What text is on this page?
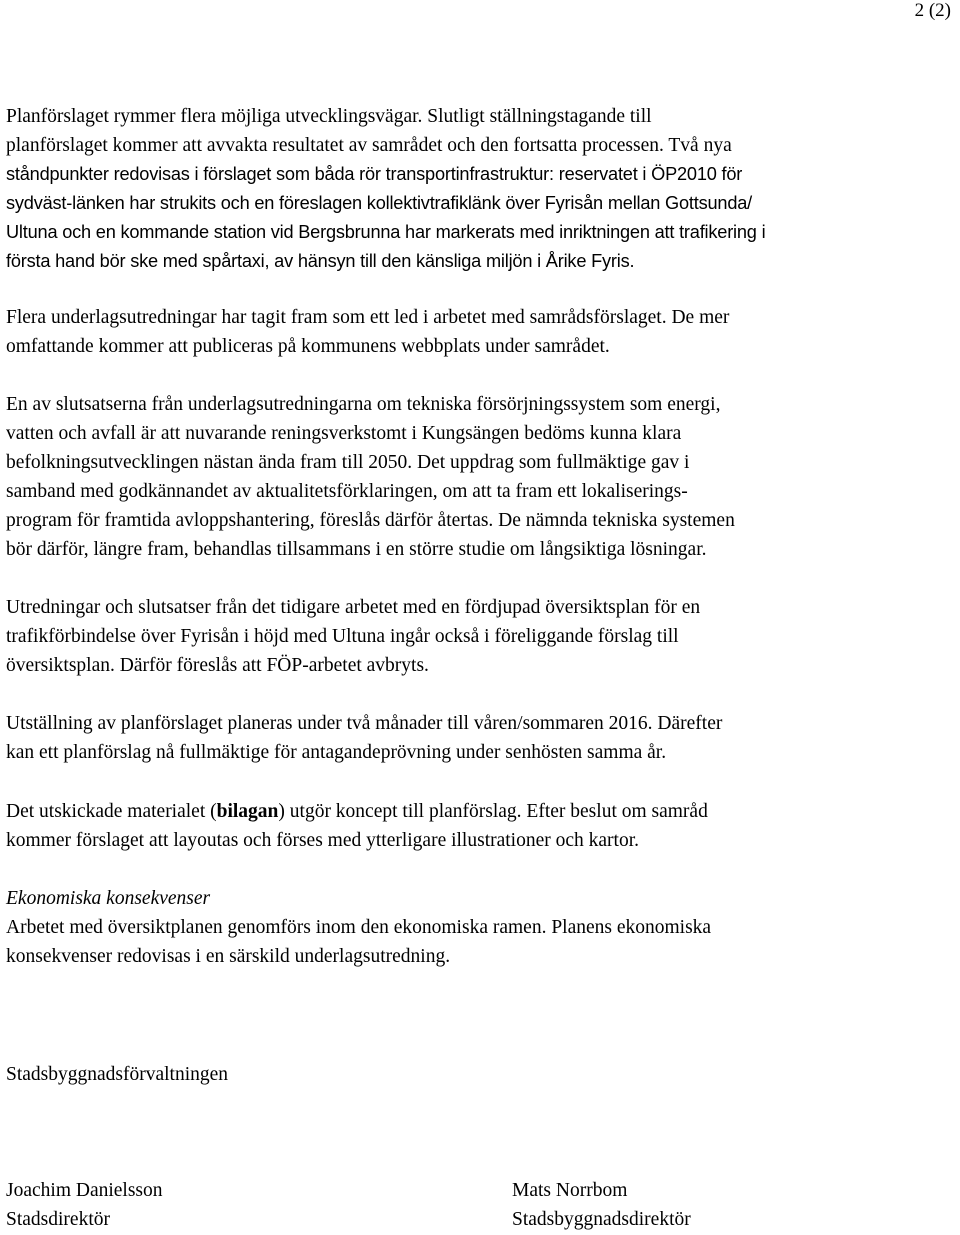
2 (2)
Planförslaget rymmer flera möjliga utvecklingsvägar. Slutligt ställningstagande till
planförslaget kommer att avvakta resultatet av samrådet och den fortsatta processen. Två nya
ståndpunkter redovisas i förslaget som båda rör transportinfrastruktur: reservatet i ÖP2010 för
sydväst-länken har strukits och en föreslagen kollektivtrafiklänk över Fyrisån mellan Gottsunda/
Ultuna och en kommande station vid Bergsbrunna har markerats med inriktningen att trafikering i
första hand bör ske med spårtaxi, av hänsyn till den känsliga miljön i Årike Fyris.
Flera underlagsutredningar har tagit fram som ett led i arbetet med samrådsförslaget. De mer
omfattande kommer att publiceras på kommunens webbplats under samrådet.
En av slutsatserna från underlagsutredningarna om tekniska försörjningssystem som energi,
vatten och avfall är att nuvarande reningsverkstomt i Kungsängen bedöms kunna klara
befolkningsutvecklingen nästan ända fram till 2050. Det uppdrag som fullmäktige gav i
samband med godkännandet av aktualitetsförklaringen, om att ta fram ett lokaliserings-
program för framtida avloppshantering, föreslås därför återtas. De nämnda tekniska systemen
bör därför, längre fram, behandlas tillsammans i en större studie om långsiktiga lösningar.
Utredningar och slutsatser från det tidigare arbetet med en fördjupad översiktsplan för en
trafikförbindelse över Fyrisån i höjd med Ultuna ingår också i föreliggande förslag till
översiktsplan. Därför föreslås att FÖP-arbetet avbryts.
Utställning av planförslaget planeras under två månader till våren/sommaren 2016. Därefter
kan ett planförslag nå fullmäktige för antagandeprövning under senhösten samma år.
Det utskickade materialet (bilagan) utgör koncept till planförslag. Efter beslut om samråd
kommer förslaget att layoutas och förses med ytterligare illustrationer och kartor.
Ekonomiska konsekvenser
Arbetet med översiktplanen genomförs inom den ekonomiska ramen. Planens ekonomiska
konsekvenser redovisas i en särskild underlagsutredning.
Stadsbyggnadsförvaltningen
Joachim Danielsson
Stadsdirektör
Mats Norrbom
Stadsbyggnadsdirektör
